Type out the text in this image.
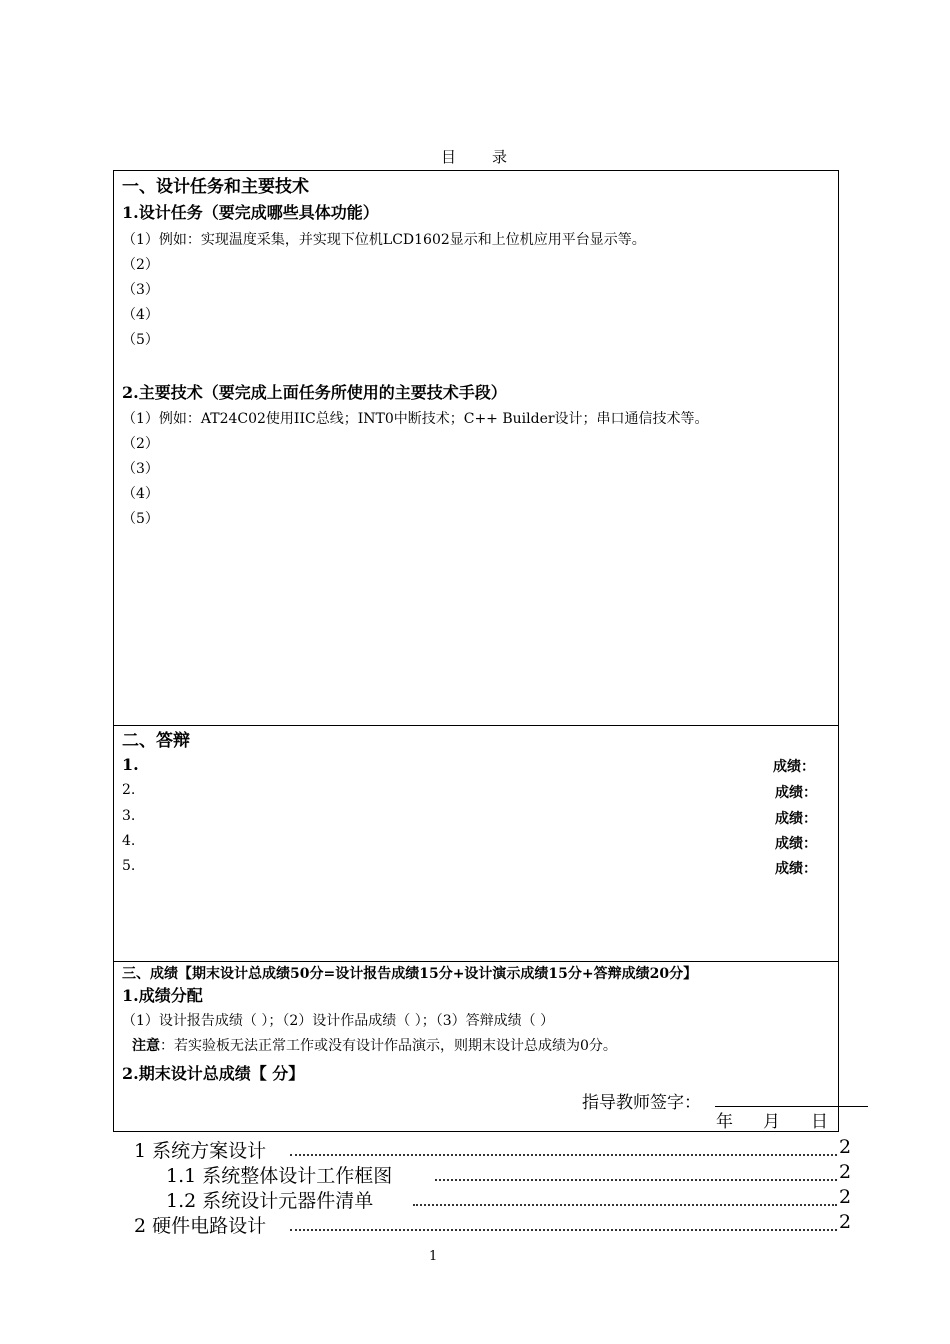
目录
一、设计任务和主要技术
1.设计任务（要完成哪些具体功能）
（1）例如：实现温度采集，并实现下位机LCD1602显示和上位机应用平台显示等。
（2）
（3）
（4）
（5）
2.主要技术（要完成上面任务所使用的主要技术手段）
（1）例如：AT24C02使用IIC总线；INT0中断技术；C++ Builder设计；串口通信技术等。
（2）
（3）
（4）
（5）
二、答辩
1.	成绩：
2.	成绩：
3.	成绩：
4.	成绩：
5.	成绩：
三、成绩【期末设计总成绩50分=设计报告成绩15分+设计演示成绩15分+答辩成绩20分】
1.成绩分配
（1）设计报告成绩（ ）；（2）设计作品成绩（ ）；（3）答辩成绩（ ）
注意：若实验板无法正常工作或没有设计作品演示，则期末设计总成绩为0分。
2.期末设计总成绩【 分】
指导教师签字：
年 月 日
1 系统方案设计	2
1.1 系统整体设计工作框图	2
1.2 系统设计元器件清单	2
2 硬件电路设计	2
1
